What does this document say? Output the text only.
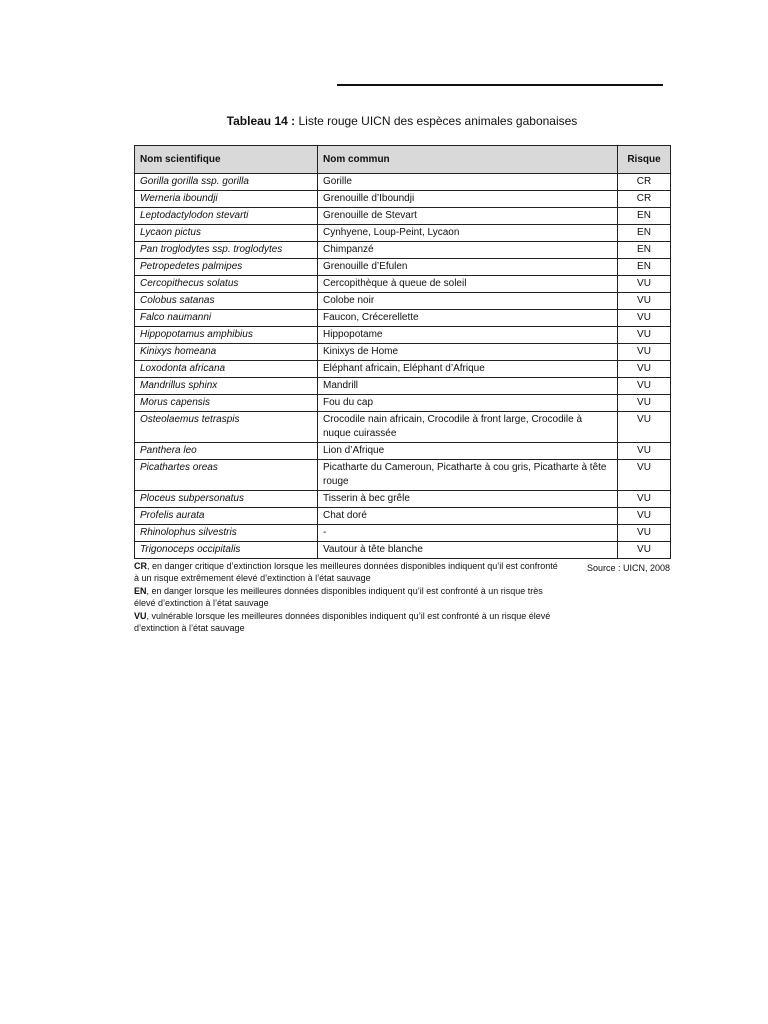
Tableau 14 : Liste rouge UICN des espèces animales gabonaises
Nom scientifique	Nom commun	Risque
Gorilla gorilla ssp. gorilla	Gorille	CR
Werneria iboundji	Grenouille d’Iboundji	CR
Leptodactylodon stevarti	Grenouille de Stevart	EN
Lycaon pictus	Cynhyene, Loup-Peint, Lycaon	EN
Pan troglodytes ssp. troglodytes	Chimpanzé	EN
Petropedetes palmipes	Grenouille d’Efulen	EN
Cercopithecus solatus	Cercopithèque à queue de soleil	VU
Colobus satanas	Colobe noir	VU
Falco naumanni	Faucon, Crécerellette	VU
Hippopotamus amphibius	Hippopotame	VU
Kinixys homeana	Kinixys de Home	VU
Loxodonta africana	Eléphant africain, Eléphant d’Afrique	VU
Mandrillus sphinx	Mandrill	VU
Morus capensis	Fou du cap	VU
Osteolaemus tetraspis	Crocodile nain africain, Crocodile à front large, Crocodile à nuque cuirassée	VU
Panthera leo	Lion d’Afrique	VU
Picathartes oreas	Picatharte du Cameroun, Picatharte à cou gris, Picatharte à tête rouge	VU
Ploceus subpersonatus	Tisserin à bec grêle	VU
Profelis aurata	Chat doré	VU
Rhinolophus silvestris	-	VU
Trigonoceps occipitalis	Vautour à tête blanche	VU

CR, en danger critique d’extinction lorsque les meilleures données disponibles indiquent qu’il est confronté à un risque extrêmement élevé d’extinction à l’état sauvage

EN, en danger lorsque les meilleures données disponibles indiquent qu’il est confronté à un risque très élevé d’extinction à l’état sauvage

VU, vulnérable lorsque les meilleures données disponibles indiquent qu’il est confronté à un risque élevé d’extinction à l’état sauvage

Source : UICN, 2008
